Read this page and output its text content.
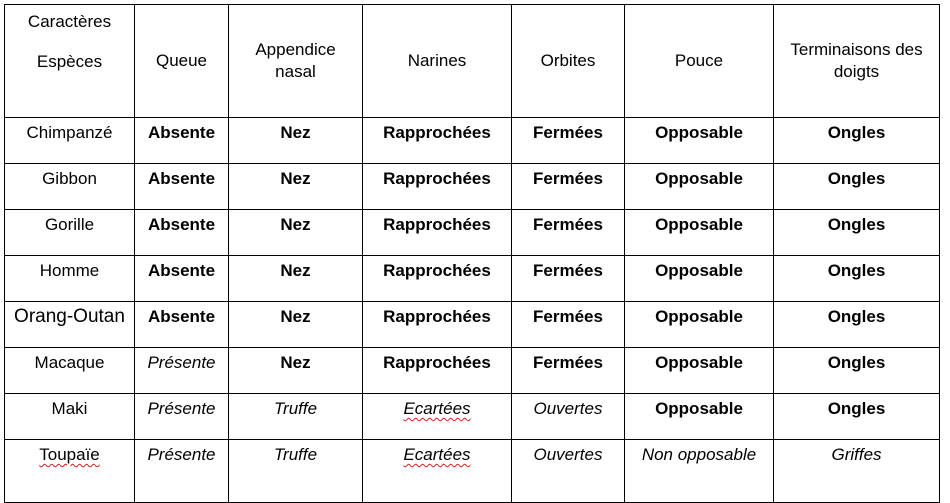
Caractères
Espèces	Queue	Appendice nasal	Narines	Orbites	Pouce	Terminaisons des doigts
Chimpanzé	Absente	Nez	Rapprochées	Fermées	Opposable	Ongles
Gibbon	Absente	Nez	Rapprochées	Fermées	Opposable	Ongles
Gorille	Absente	Nez	Rapprochées	Fermées	Opposable	Ongles
Homme	Absente	Nez	Rapprochées	Fermées	Opposable	Ongles
Orang-Outan	Absente	Nez	Rapprochées	Fermées	Opposable	Ongles
Macaque	Présente	Nez	Rapprochées	Fermées	Opposable	Ongles
Maki	Présente	Truffe	Ecartées	Ouvertes	Opposable	Ongles
Toupaïe	Présente	Truffe	Ecartées	Ouvertes	Non opposable	Griffes
